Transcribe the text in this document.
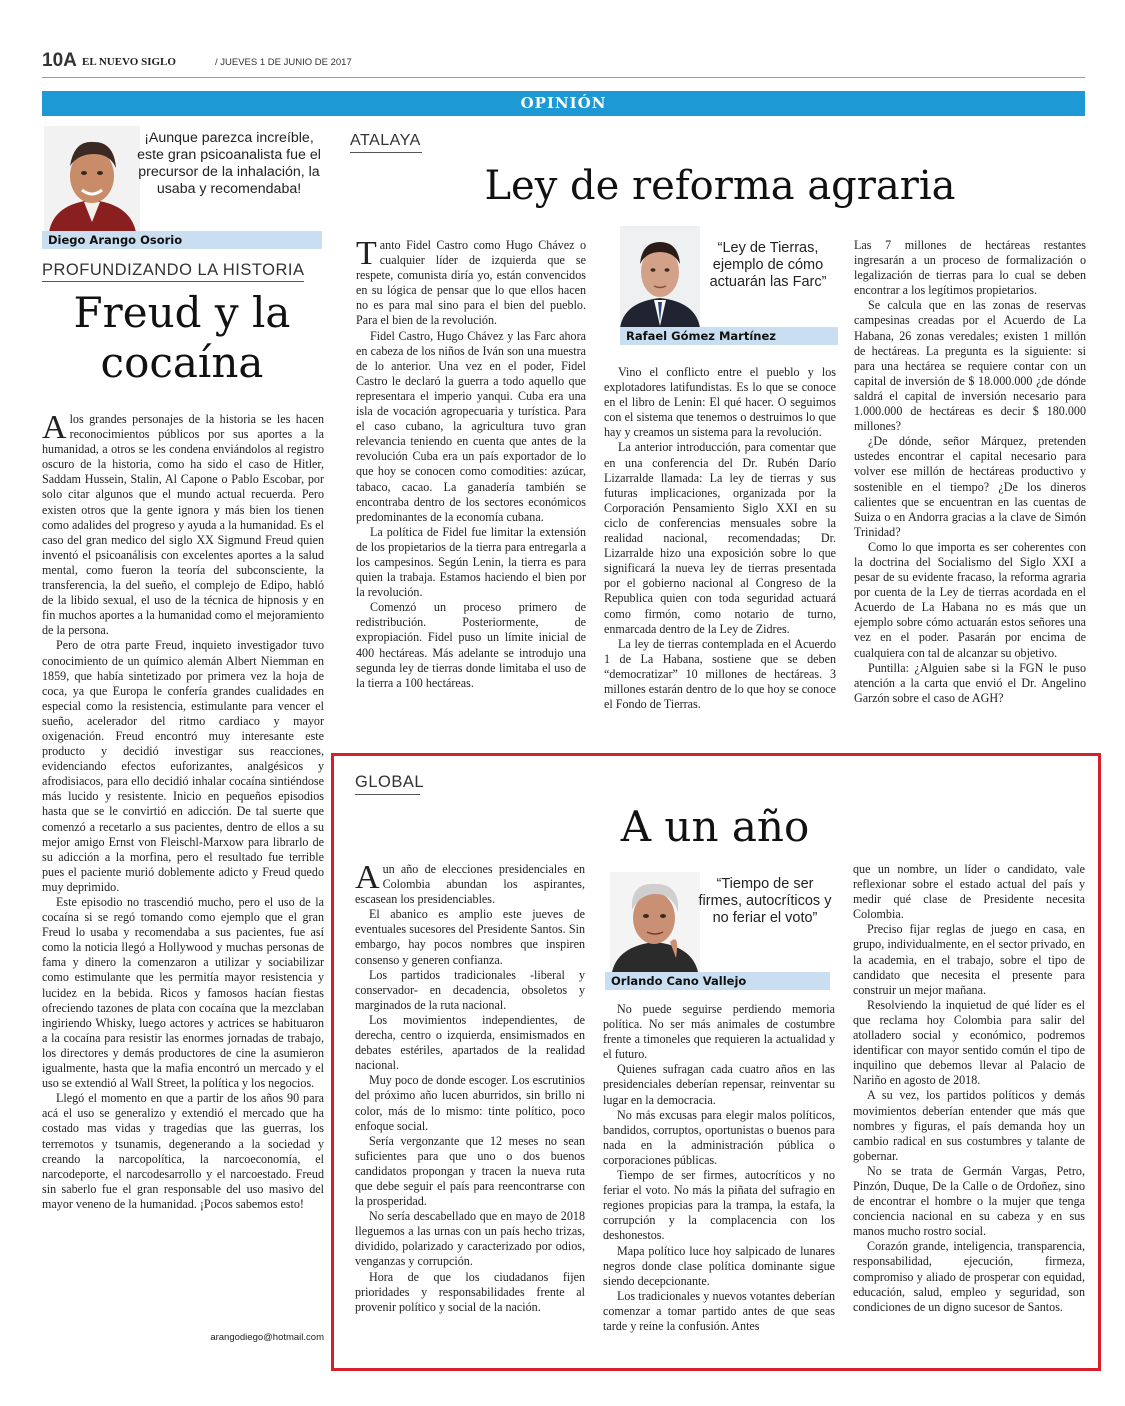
10A EL NUEVO SIGLO	/ JUEVES 1 DE JUNIO DE 2017
OPINIÓN
¡Aunque parezca increíble, este gran psicoanalista fue el precursor de la inhalación, la usaba y recomendaba!
Diego Arango Osorio
PROFUNDIZANDO LA HISTORIA
Freud y la
cocaína

Alos grandes personajes de la historia se les hacen reconocimientos públicos por sus aportes a la humanidad, a otros se les condena enviándolos al registro oscuro de la historia, como ha sido el caso de Hitler, Saddam Hussein, Stalin, Al Capone o Pablo Escobar, por solo citar algunos que el mundo actual recuerda. Pero existen otros que la gente ignora y más bien los tienen como adalides del progreso y ayuda a la humanidad. Es el caso del gran medico del siglo XX Sigmund Freud quien inventó el psicoanálisis con excelentes aportes a la salud mental, como fueron la teoría del subconsciente, la transferencia, la del sueño, el complejo de Edipo, habló de la libido sexual, el uso de la técnica de hipnosis y en fin muchos aportes a la humanidad como el mejoramiento de la persona.

Pero de otra parte Freud, inquieto investigador tuvo conocimiento de un químico alemán Albert Niemman en 1859, que había sintetizado por primera vez la hoja de coca, ya que Europa le confería grandes cualidades en especial como la resistencia, estimulante para vencer el sueño, acelerador del ritmo cardiaco y mayor oxigenación. Freud encontró muy interesante este producto y decidió investigar sus reacciones, evidenciando efectos euforizantes, analgésicos y afrodisiacos, para ello decidió inhalar cocaína sintiéndose más lucido y resistente. Inicio en pequeños episodios hasta que se le convirtió en adicción. De tal suerte que comenzó a recetarlo a sus pacientes, dentro de ellos a su mejor amigo Ernst von Fleischl-Marxow para librarlo de su adicción a la morfina, pero el resultado fue terrible pues el paciente murió doblemente adicto y Freud quedo muy deprimido.

Este episodio no trascendió mucho, pero el uso de la cocaína si se regó tomando como ejemplo que el gran Freud lo usaba y recomendaba a sus pacientes, fue así como la noticia llegó a Hollywood y muchas personas de fama y dinero la comenzaron a utilizar y sociabilizar como estimulante que les permitía mayor resistencia y lucidez en la bebida. Ricos y famosos hacían fiestas ofreciendo tazones de plata con cocaína que la mezclaban ingiriendo Whisky, luego actores y actrices se habituaron a la cocaína para resistir las enormes jornadas de trabajo, los directores y demás productores de cine la asumieron igualmente, hasta que la mafia encontró un mercado y el uso se extendió al Wall Street, la política y los negocios.

Llegó el momento en que a partir de los años 90 para acá el uso se generalizo y extendió el mercado que ha costado mas vidas y tragedias que las guerras, los terremotos y tsunamis, degenerando a la sociedad y creando la narcopolítica, la narcoeconomía, el narcodeporte, el narcodesarrollo y el narcoestado. Freud sin saberlo fue el gran responsable del uso masivo del mayor veneno de la humanidad. ¡Pocos sabemos esto!

arangodiego@hotmail.com
ATALAYA
Ley de reforma agraria

Tanto Fidel Castro como Hugo Chávez o cualquier líder de izquierda que se respete, comunista diría yo, están convencidos en su lógica de pensar que lo que ellos hacen no es para mal sino para el bien del pueblo. Para el bien de la revolución.

Fidel Castro, Hugo Chávez y las Farc ahora en cabeza de los niños de Iván son una muestra de lo anterior. Una vez en el poder, Fidel Castro le declaró la guerra a todo aquello que representara el imperio yanqui. Cuba era una isla de vocación agropecuaria y turística. Para el caso cubano, la agricultura tuvo gran relevancia teniendo en cuenta que antes de la revolución Cuba era un país exportador de lo que hoy se conocen como comodities: azúcar, tabaco, cacao. La ganadería también se encontraba dentro de los sectores económicos predominantes de la economía cubana.

La política de Fidel fue limitar la extensión de los propietarios de la tierra para entregarla a los campesinos. Según Lenin, la tierra es para quien la trabaja. Estamos haciendo el bien por la revolución.

Comenzó un proceso primero de redistribución. Posteriormente, de expropiación. Fidel puso un límite inicial de 400 hectáreas. Más adelante se introdujo una segunda ley de tierras donde limitaba el uso de la tierra a 100 hectáreas.

“Ley de Tierras, ejemplo de cómo actuarán las Farc”
Rafael Gómez Martínez

Vino el conflicto entre el pueblo y los explotadores latifundistas. Es lo que se conoce en el libro de Lenin: El qué hacer. O seguimos con el sistema que tenemos o destruimos lo que hay y creamos un sistema para la revolución.

La anterior introducción, para comentar que en una conferencia del Dr. Rubén Darío Lizarralde llamada: La ley de tierras y sus futuras implicaciones, organizada por la Corporación Pensamiento Siglo XXI en su ciclo de conferencias mensuales sobre la realidad nacional, recomendadas; Dr. Lizarralde hizo una exposición sobre lo que significará la nueva ley de tierras presentada por el gobierno nacional al Congreso de la Republica quien con toda seguridad actuará como firmón, como notario de turno, enmarcada dentro de la Ley de Zidres.

La ley de tierras contemplada en el Acuerdo 1 de La Habana, sostiene que se deben “democratizar” 10 millones de hectáreas. 3 millones estarán dentro de lo que hoy se conoce el Fondo de Tierras.

Las 7 millones de hectáreas restantes ingresarán a un proceso de formalización o legalización de tierras para lo cual se deben encontrar a los legítimos propietarios.

Se calcula que en las zonas de reservas campesinas creadas por el Acuerdo de La Habana, 26 zonas veredales; existen 1 millón de hectáreas. La pregunta es la siguiente: si para una hectárea se requiere contar con un capital de inversión de $ 18.000.000 ¿de dónde saldrá el capital de inversión necesario para 1.000.000 de hectáreas es decir $ 180.000 millones?

¿De dónde, señor Márquez, pretenden ustedes encontrar el capital necesario para volver ese millón de hectáreas productivo y sostenible en el tiempo? ¿De los dineros calientes que se encuentran en las cuentas de Suiza o en Andorra gracias a la clave de Simón Trinidad?

Como lo que importa es ser coherentes con la doctrina del Socialismo del Siglo XXI a pesar de su evidente fracaso, la reforma agraria por cuenta de la Ley de tierras acordada en el Acuerdo de La Habana no es más que un ejemplo sobre cómo actuarán estos señores una vez en el poder. Pasarán por encima de cualquiera con tal de alcanzar su objetivo.

Puntilla: ¿Alguien sabe si la FGN le puso atención a la carta que envió el Dr. Angelino Garzón sobre el caso de AGH?

GLOBAL
A un año

Aun año de elecciones presidenciales en Colombia abundan los aspirantes, escasean los presidenciables.

El abanico es amplio este jueves de eventuales sucesores del Presidente Santos. Sin embargo, hay pocos nombres que inspiren consenso y generen confianza.

Los partidos tradicionales -liberal y conservador- en decadencia, obsoletos y marginados de la ruta nacional.

Los movimientos independientes, de derecha, centro o izquierda, ensimismados en debates estériles, apartados de la realidad nacional.

Muy poco de donde escoger. Los escrutinios del próximo año lucen aburridos, sin brillo ni color, más de lo mismo: tinte político, poco enfoque social.

Sería vergonzante que 12 meses no sean suficientes para que uno o dos buenos candidatos propongan y tracen la nueva ruta que debe seguir el país para reencontrarse con la prosperidad.

No sería descabellado que en mayo de 2018 lleguemos a las urnas con un país hecho trizas, dividido, polarizado y caracterizado por odios, venganzas y corrupción.

Hora de que los ciudadanos fijen prioridades y responsabilidades frente al provenir político y social de la nación.

“Tiempo de ser firmes, autocríticos y no feriar el voto”
Orlando Cano Vallejo

No puede seguirse perdiendo memoria política. No ser más animales de costumbre frente a timoneles que requieren la actualidad y el futuro.

Quienes sufragan cada cuatro años en las presidenciales deberían repensar, reinventar su lugar en la democracia.

No más excusas para elegir malos políticos, bandidos, corruptos, oportunistas o buenos para nada en la administración pública o corporaciones públicas.

Tiempo de ser firmes, autocríticos y no feriar el voto. No más la piñata del sufragio en regiones propicias para la trampa, la estafa, la corrupción y la complacencia con los deshonestos.

Mapa político luce hoy salpicado de lunares negros donde clase política dominante sigue siendo decepcionante.

Los tradicionales y nuevos votantes deberían comenzar a tomar partido antes de que seas tarde y reine la confusión. Antes

que un nombre, un líder o candidato, vale reflexionar sobre el estado actual del país y medir qué clase de Presidente necesita Colombia.

Preciso fijar reglas de juego en casa, en grupo, individualmente, en el sector privado, en la academia, en el trabajo, sobre el tipo de candidato que necesita el presente para construir un mejor mañana.

Resolviendo la inquietud de qué líder es el que reclama hoy Colombia para salir del atolladero social y económico, podremos identificar con mayor sentido común el tipo de inquilino que debemos llevar al Palacio de Nariño en agosto de 2018.

A su vez, los partidos políticos y demás movimientos deberían entender que más que nombres y figuras, el país demanda hoy un cambio radical en sus costumbres y talante de gobernar.

No se trata de Germán Vargas, Petro, Pinzón, Duque, De la Calle o de Ordoñez, sino de encontrar el hombre o la mujer que tenga conciencia nacional en su cabeza y en sus manos mucho rostro social.

Corazón grande, inteligencia, transparencia, responsabilidad, ejecución, firmeza, compromiso y aliado de prosperar con equidad, educación, salud, empleo y seguridad, son condiciones de un digno sucesor de Santos.
